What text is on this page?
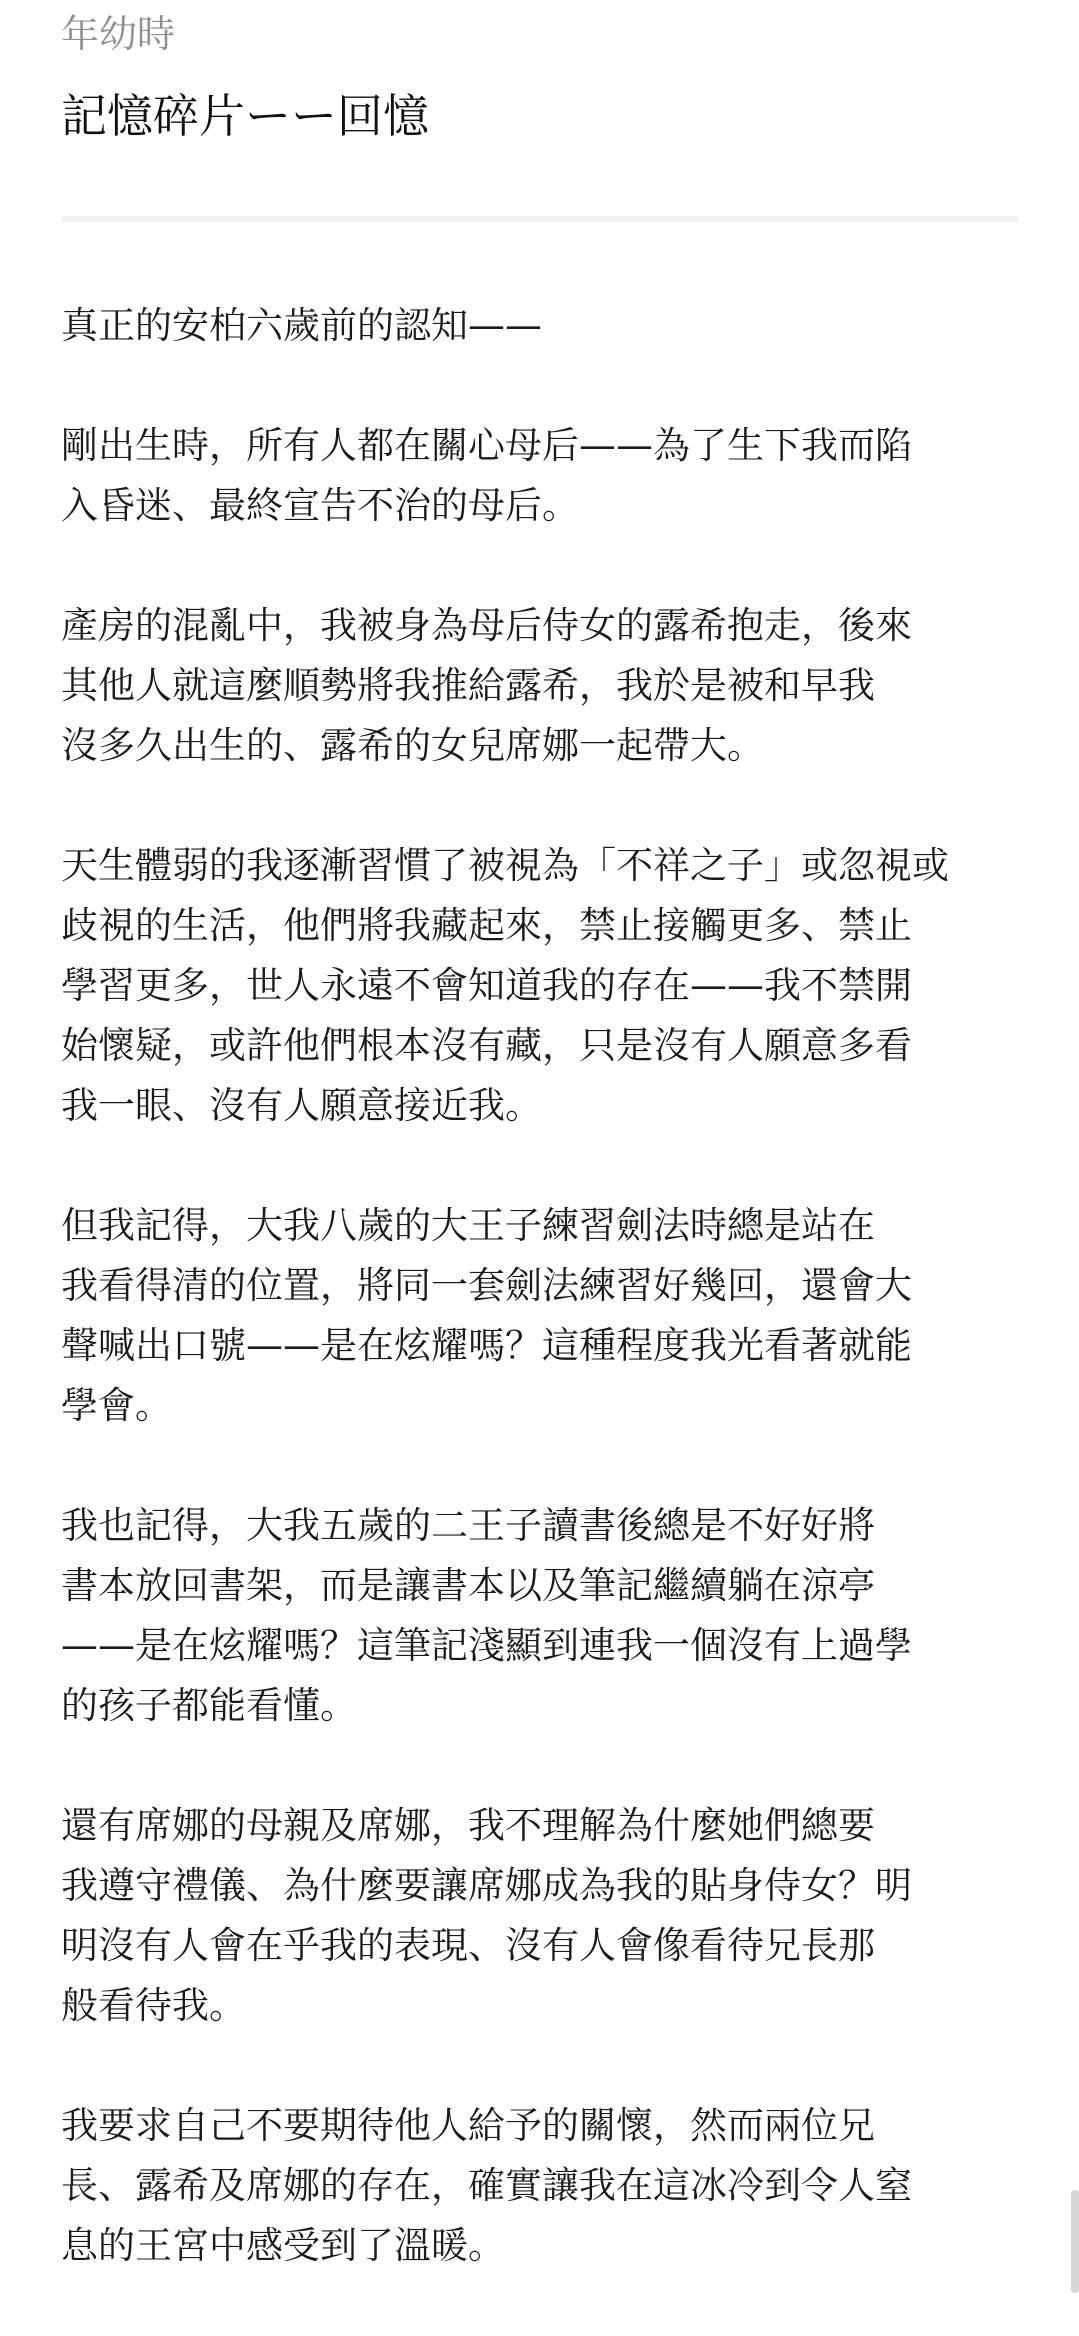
年幼時
記憶碎片ーー回憶

真正的安柏六歲前的認知——

剛出生時，所有人都在關心母后——為了生下我而陷
入昏迷、最終宣告不治的母后。

產房的混亂中，我被身為母后侍女的露希抱走，後來
其他人就這麼順勢將我推給露希，我於是被和早我
沒多久出生的、露希的女兒席娜一起帶大。

天生體弱的我逐漸習慣了被視為「不祥之子」或忽視或
歧視的生活，他們將我藏起來，禁止接觸更多、禁止
學習更多，世人永遠不會知道我的存在——我不禁開
始懷疑，或許他們根本沒有藏，只是沒有人願意多看
我一眼、沒有人願意接近我。

但我記得，大我八歲的大王子練習劍法時總是站在
我看得清的位置，將同一套劍法練習好幾回，還會大
聲喊出口號——是在炫耀嗎？這種程度我光看著就能
學會。

我也記得，大我五歲的二王子讀書後總是不好好將
書本放回書架，而是讓書本以及筆記繼續躺在涼亭
——是在炫耀嗎？這筆記淺顯到連我一個沒有上過學
的孩子都能看懂。

還有席娜的母親及席娜，我不理解為什麼她們總要
我遵守禮儀、為什麼要讓席娜成為我的貼身侍女？明
明沒有人會在乎我的表現、沒有人會像看待兄長那
般看待我。

我要求自己不要期待他人給予的關懷，然而兩位兄
長、露希及席娜的存在，確實讓我在這冰冷到令人窒
息的王宮中感受到了溫暖。
